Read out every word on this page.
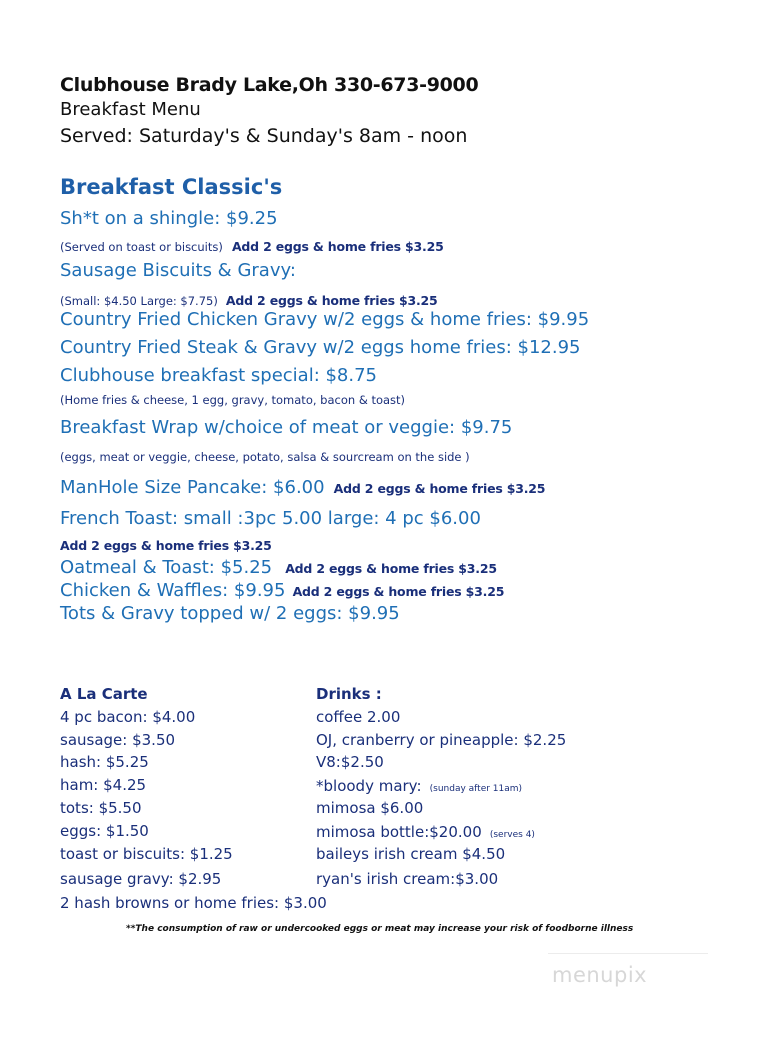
Clubhouse Brady Lake,Oh 330-673-9000
Breakfast Menu
Served: Saturday's & Sunday's 8am - noon
Breakfast Classic's
Sh*t on a shingle: $9.25
(Served on toast or biscuits) Add 2 eggs & home fries $3.25
Sausage Biscuits & Gravy:
(Small: $4.50 Large: $7.75) Add 2 eggs & home fries $3.25
Country Fried Chicken Gravy w/2 eggs & home fries: $9.95
Country Fried Steak & Gravy w/2 eggs home fries: $12.95
Clubhouse breakfast special: $8.75
(Home fries & cheese, 1 egg, gravy, tomato, bacon & toast)
Breakfast Wrap w/choice of meat or veggie: $9.75
(eggs, meat or veggie, cheese, potato, salsa & sourcream on the side )
ManHole Size Pancake: $6.00 Add 2 eggs & home fries $3.25
French Toast: small :3pc 5.00 large: 4 pc $6.00
Add 2 eggs & home fries $3.25
Oatmeal & Toast: $5.25 Add 2 eggs & home fries $3.25
Chicken & Waffles: $9.95 Add 2 eggs & home fries $3.25
Tots & Gravy topped w/ 2 eggs: $9.95
A La Carte
4 pc bacon: $4.00
sausage: $3.50
hash: $5.25
ham: $4.25
tots: $5.50
eggs: $1.50
toast or biscuits: $1.25
sausage gravy: $2.95
2 hash browns or home fries: $3.00
Drinks :
coffee 2.00
OJ, cranberry or pineapple: $2.25
V8:$2.50
*bloody mary: (sunday after 11am)
mimosa $6.00
mimosa bottle:$20.00 (serves 4)
baileys irish cream $4.50
ryan's irish cream:$3.00
**The consumption of raw or undercooked eggs or meat may increase your risk of foodborne illness
menupix
